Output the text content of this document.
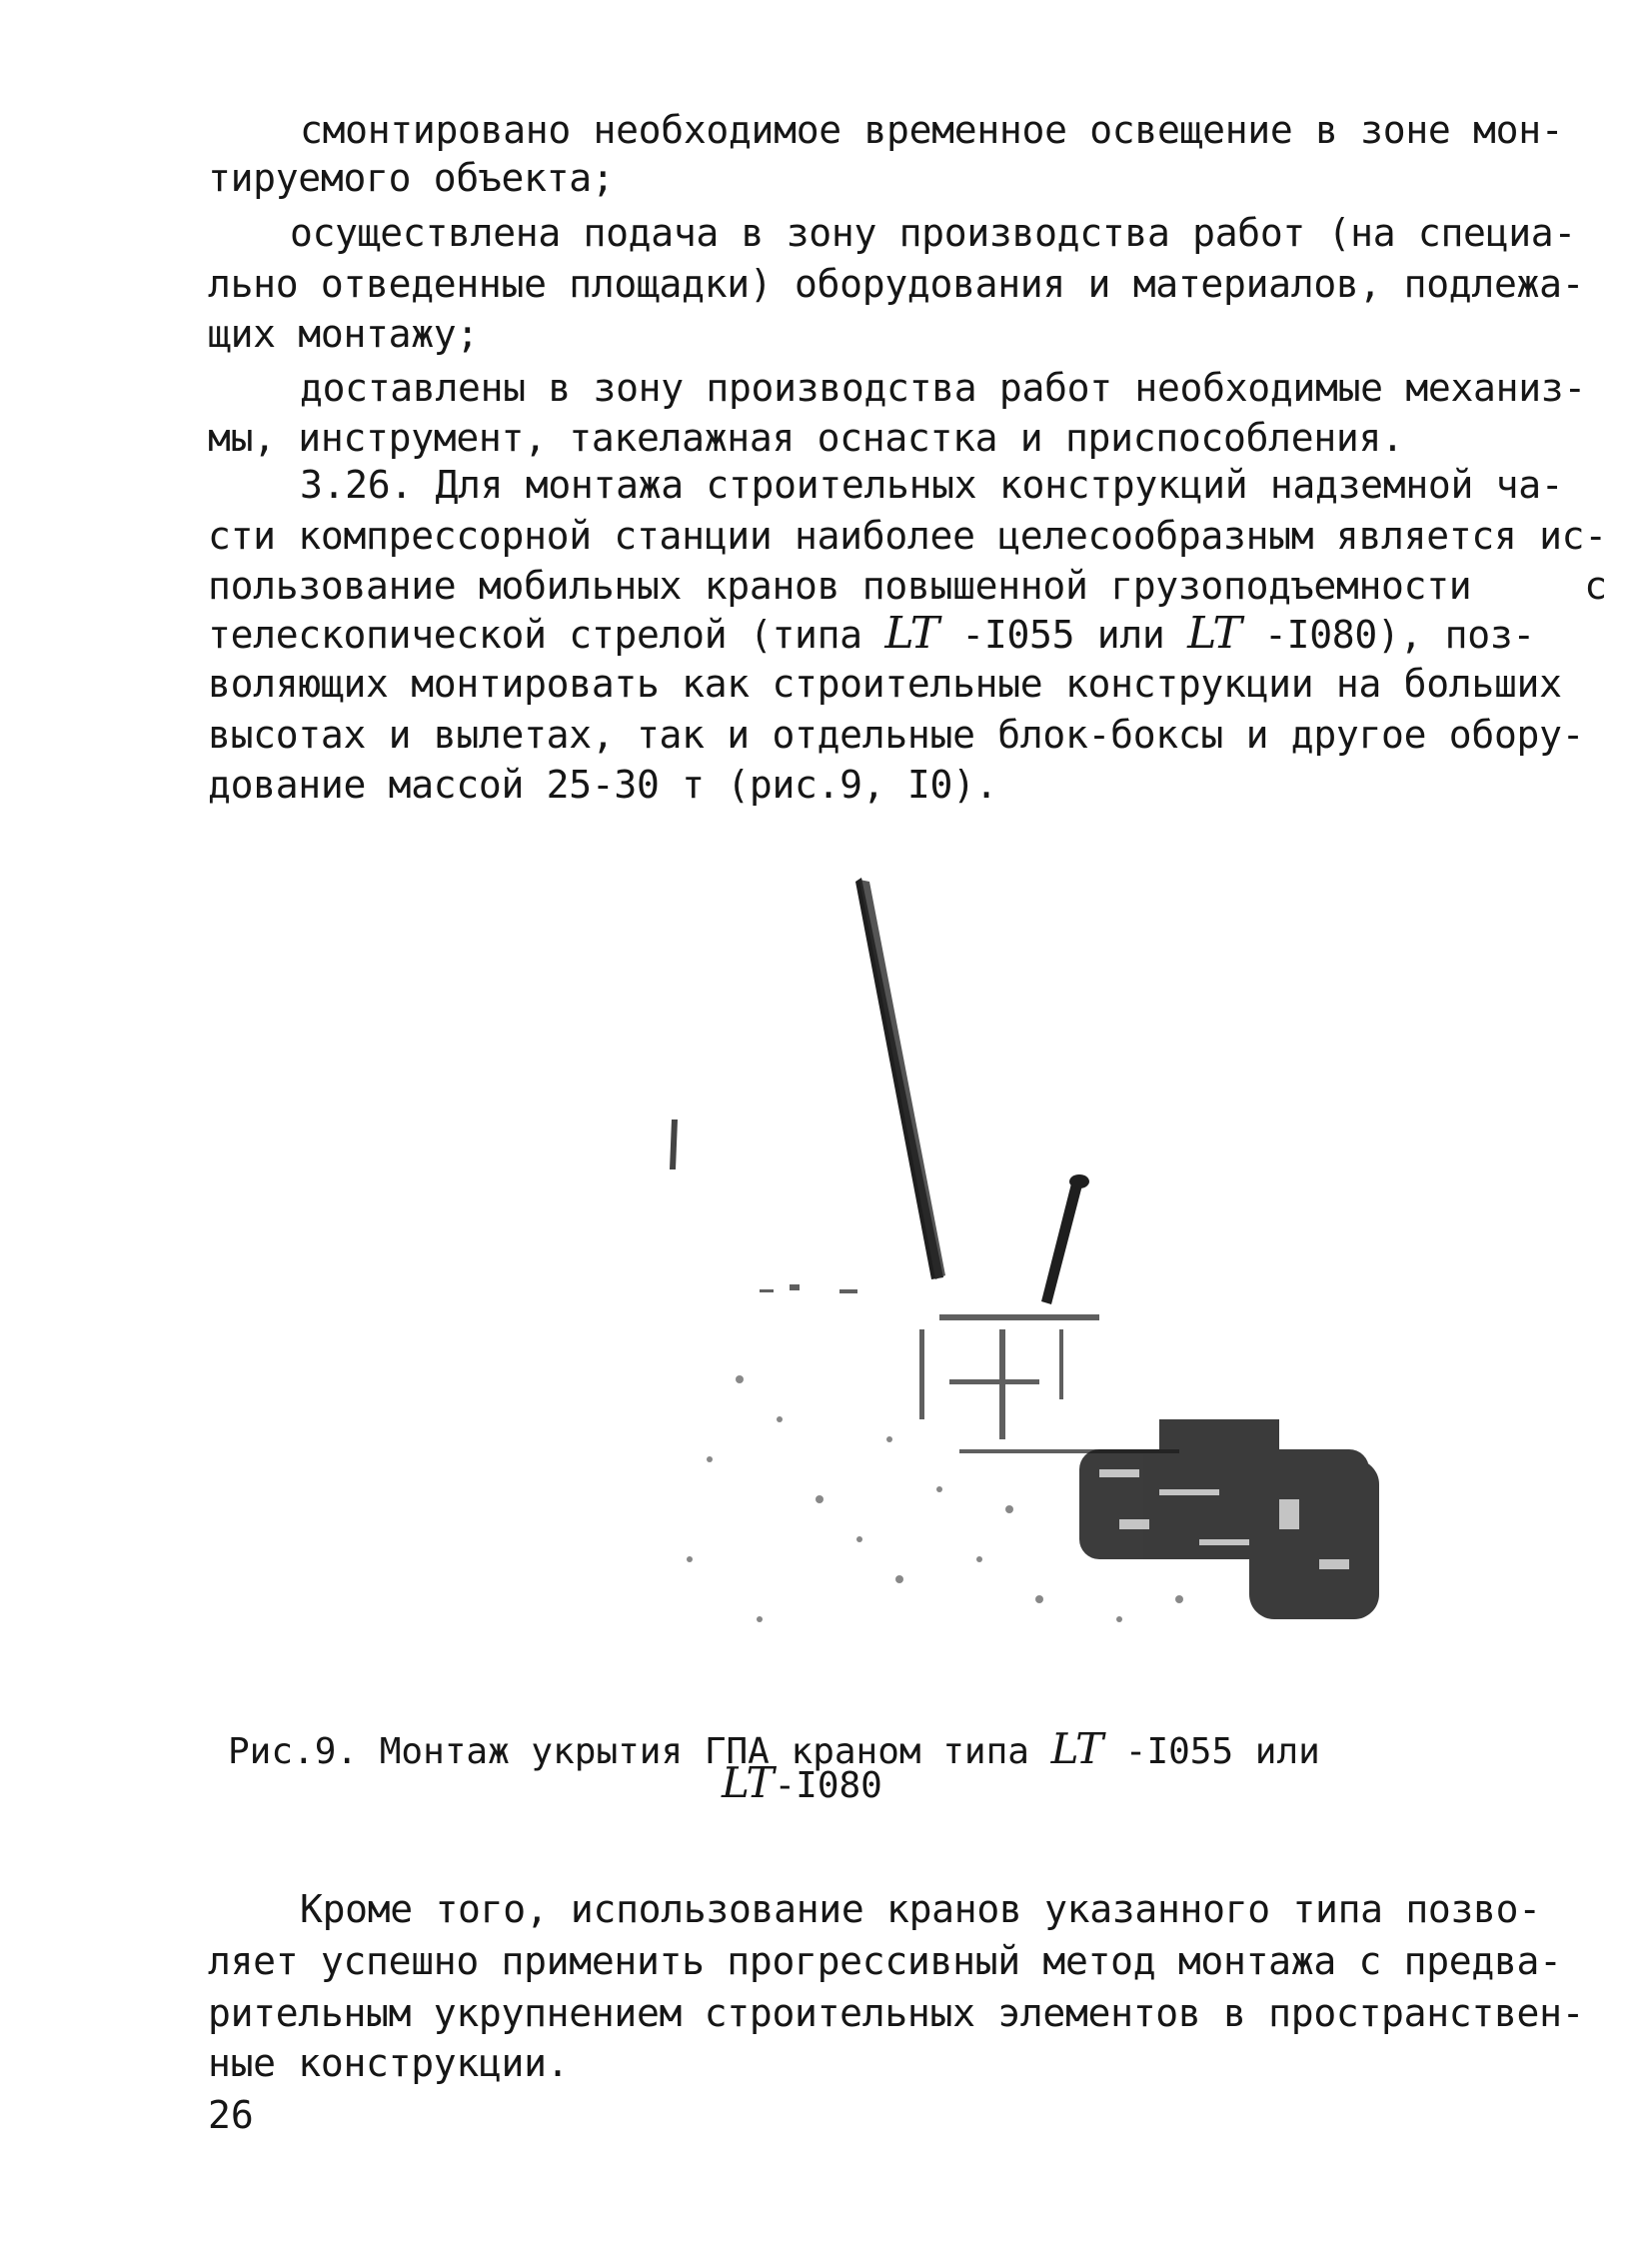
смонтировано необходимое временное освещение в зоне мон-
тируемого объекта;
осуществлена подача в зону производства работ (на специа-
льно отведенные площадки) оборудования и материалов, подлежа-
щих монтажу;
доставлены в зону производства работ необходимые механиз-
мы, инструмент, такелажная оснастка и приспособления.
3.26. Для монтажа строительных конструкций надземной ча-
сти компрессорной станции наиболее целесообразным является ис-
пользование мобильных кранов повышенной грузоподъемности     с
телескопической стрелой (типа LT -I055 или LT -I080), поз-
воляющих монтировать как строительные конструкции на больших
высотах и вылетах, так и отдельные блок-боксы и другое обору-
дование массой 25-30 т (рис.9, I0).
Рис.9. Монтаж укрытия ГПА краном типа LT -I055 или
LT-I080
Кроме того, использование кранов указанного типа позво-
ляет успешно применить прогрессивный метод монтажа с предва-
рительным укрупнением строительных элементов в пространствен-
ные конструкции.
26
